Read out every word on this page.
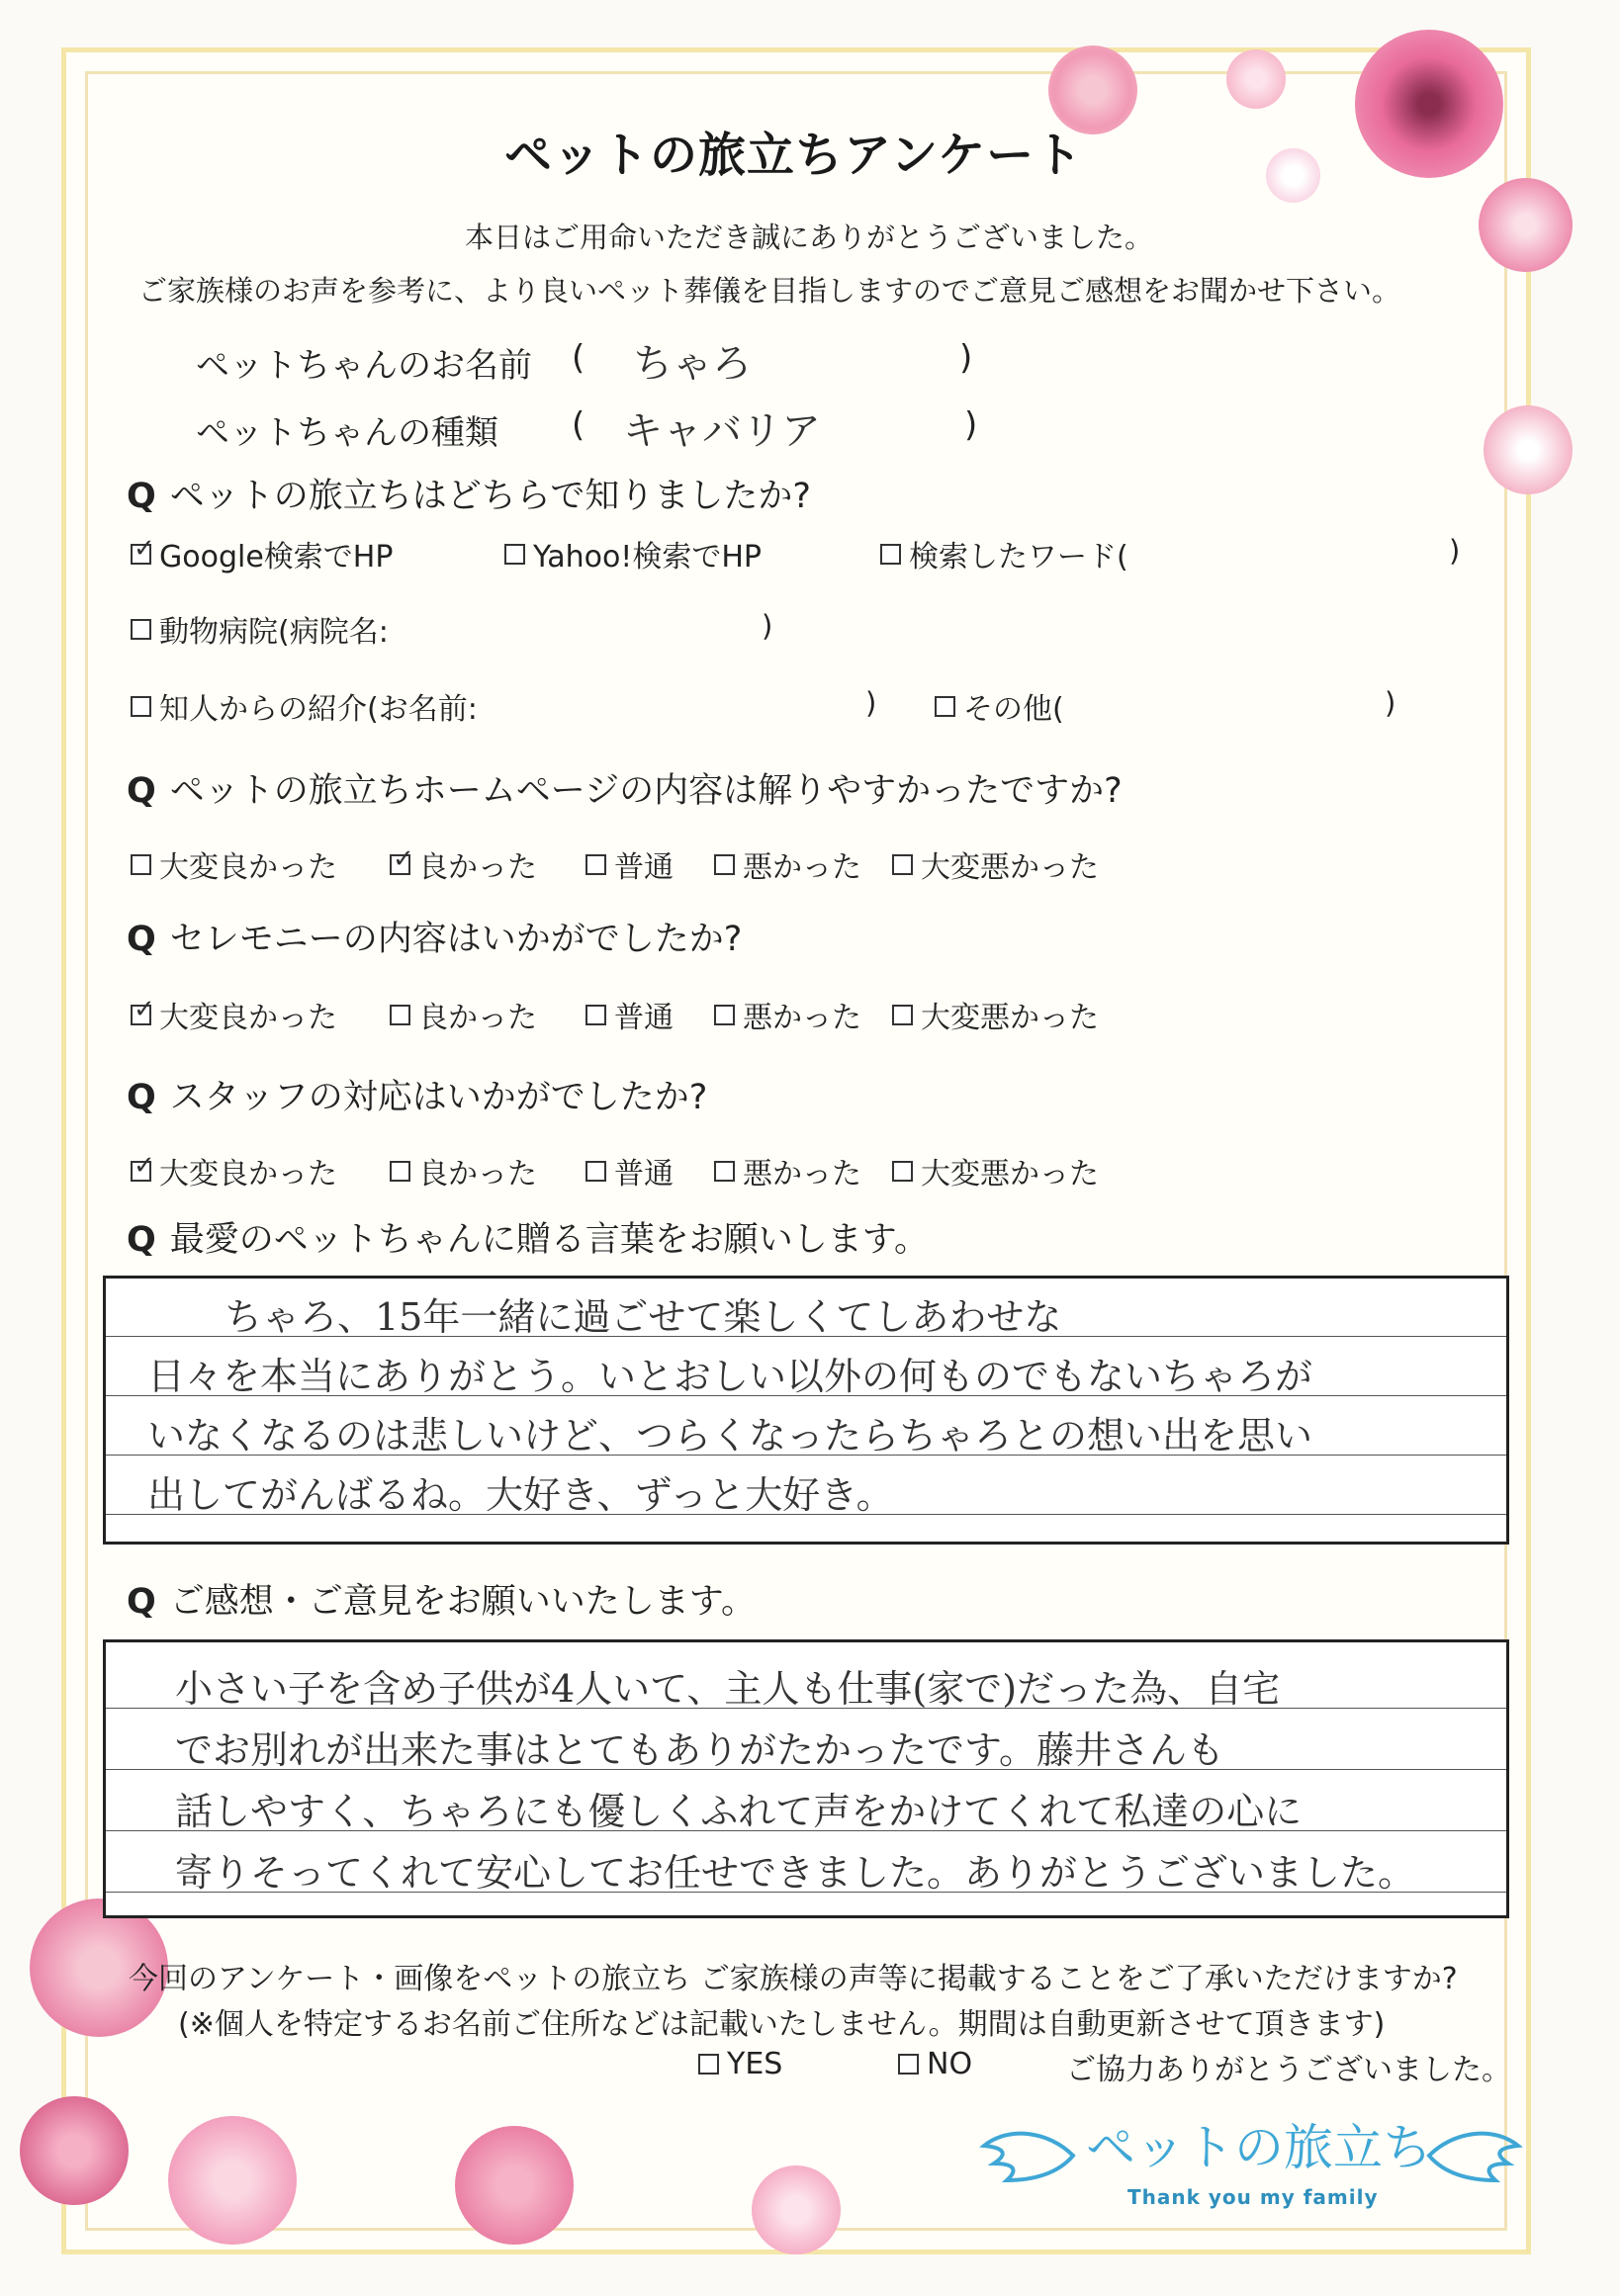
ペットの旅立ちアンケート
本日はご用命いただき誠にありがとうございました。
ご家族様のお声を参考に、より良いペット葬儀を目指しますのでご意見ご感想をお聞かせ下さい。
ペットちゃんのお名前 ( ちゃろ	)
ペットちゃんの種類 ( キャバリア	)
Q ペットの旅立ちはどちらで知りましたか?
✓
Google検索でHP	Yahoo!検索でHP	検索したワード(	)
動物病院(病院名:	)
知人からの紹介(お名前:	)	その他(	)
Q ペットの旅立ちホームページの内容は解りやすかったですか?
大変良かった
✓	良かった	普通 悪かった 大変悪かった
Q セレモニーの内容はいかがでしたか?
✓
大変良かった	良かった	普通 悪かった 大変悪かった
Q スタッフの対応はいかがでしたか?
✓
大変良かった	良かった	普通 悪かった 大変悪かった
Q 最愛のペットちゃんに贈る言葉をお願いします。
ちゃろ、15年一緒に過ごせて楽しくてしあわせな
日々を本当にありがとう。いとおしい以外の何ものでもないちゃろが
いなくなるのは悲しいけど、つらくなったらちゃろとの想い出を思い
出してがんばるね。大好き、ずっと大好き。
Q ご感想・ご意見をお願いいたします。
小さい子を含め子供が4人いて、主人も仕事(家で)だった為、自宅
でお別れが出来た事はとてもありがたかったです。藤井さんも
話しやすく、ちゃろにも優しくふれて声をかけてくれて私達の心に
寄りそってくれて安心してお任せできました。ありがとうございました。
今回のアンケート・画像をペットの旅立ち ご家族様の声等に掲載することをご了承いただけますか?
(※個人を特定するお名前ご住所などは記載いたしません。期間は自動更新させて頂きます)
YES	NO	ご協力ありがとうございました。
ペットの旅立ち
Thank you my family
